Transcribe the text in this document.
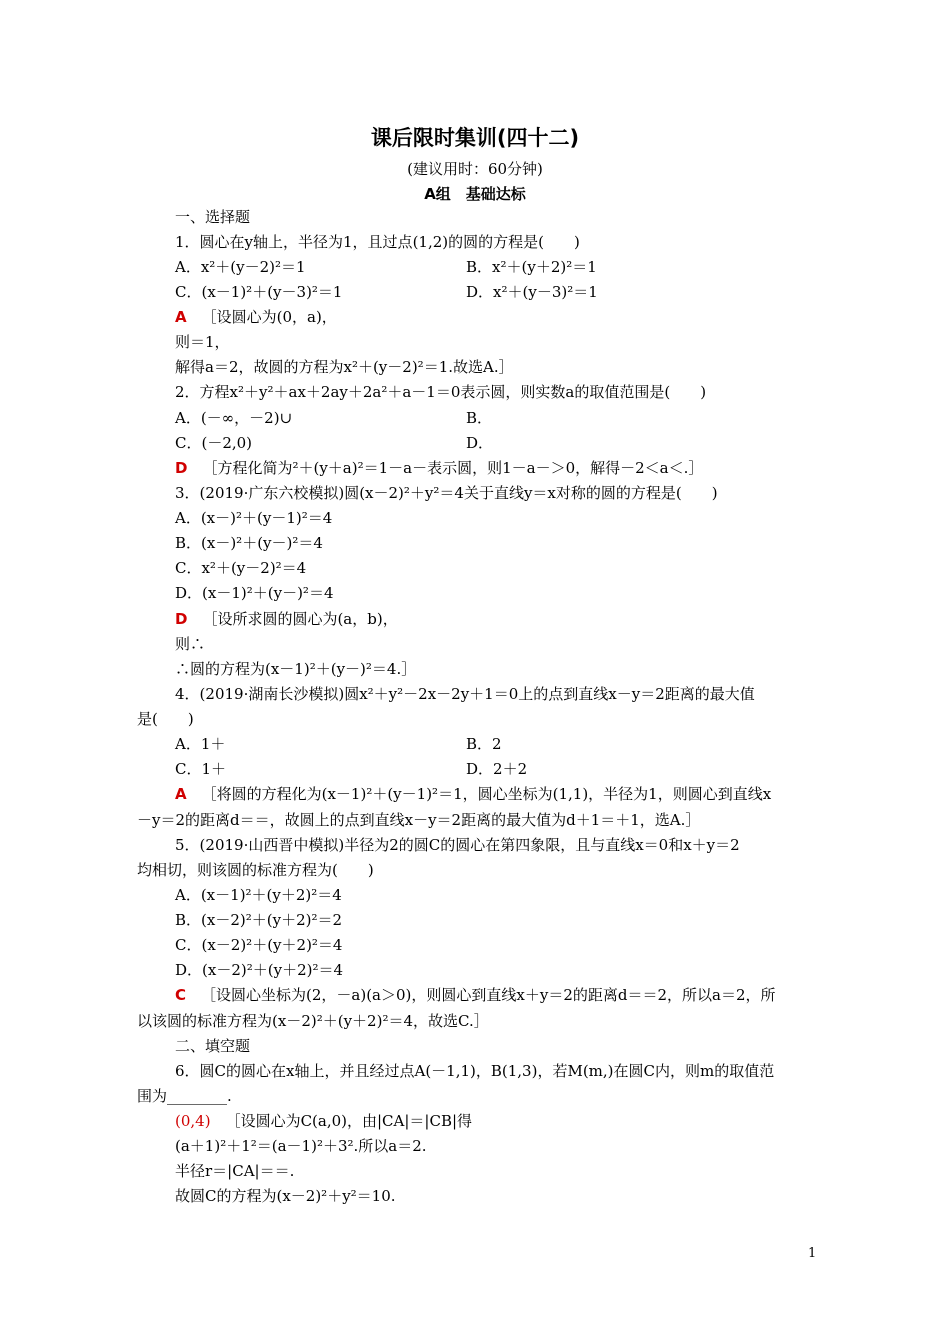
课后限时集训(四十二)
(建议用时：60分钟)
A组　基础达标
一、选择题
1．圆心在y轴上，半径为1，且过点(1,2)的圆的方程是(　　)
A．x²＋(y－2)²＝1	B．x²＋(y＋2)²＝1
C．(x－1)²＋(y－3)²＝1	D．x²＋(y－3)²＝1
A  ［设圆心为(0，a)，
则＝1，
解得a＝2，故圆的方程为x²＋(y－2)²＝1.故选A.］
2．方程x²＋y²＋ax＋2ay＋2a²＋a－1＝0表示圆，则实数a的取值范围是(　　)
A．(－∞，－2)∪	B．
C．(－2,0)	D．
D  ［方程化简为²＋(y＋a)²＝1－a－表示圆，则1－a－＞0，解得－2＜a＜.］
3．(2019·广东六校模拟)圆(x－2)²＋y²＝4关于直线y＝x对称的圆的方程是(　　)
A．(x－)²＋(y－1)²＝4
B．(x－)²＋(y－)²＝4
C．x²＋(y－2)²＝4
D．(x－1)²＋(y－)²＝4
D  ［设所求圆的圆心为(a，b)，
则∴
∴圆的方程为(x－1)²＋(y－)²＝4.］
4．(2019·湖南长沙模拟)圆x²＋y²－2x－2y＋1＝0上的点到直线x－y＝2距离的最大值
是(　　)
A．1＋	B．2
C．1＋	D．2＋2
A  ［将圆的方程化为(x－1)²＋(y－1)²＝1，圆心坐标为(1,1)，半径为1，则圆心到直线x
－y＝2的距离d＝＝，故圆上的点到直线x－y＝2距离的最大值为d＋1＝＋1，选A.］
5．(2019·山西晋中模拟)半径为2的圆C的圆心在第四象限，且与直线x＝0和x＋y＝2
均相切，则该圆的标准方程为(　　)
A．(x－1)²＋(y＋2)²＝4
B．(x－2)²＋(y＋2)²＝2
C．(x－2)²＋(y＋2)²＝4
D．(x－2)²＋(y＋2)²＝4
C  ［设圆心坐标为(2，－a)(a＞0)，则圆心到直线x＋y＝2的距离d＝＝2，所以a＝2，所
以该圆的标准方程为(x－2)²＋(y＋2)²＝4，故选C.］
二、填空题
6．圆C的圆心在x轴上，并且经过点A(－1,1)，B(1,3)，若M(m,)在圆C内，则m的取值范
围为________.
(0,4)  ［设圆心为C(a,0)，由|CA|＝|CB|得
(a＋1)²＋1²＝(a－1)²＋3².所以a＝2.
半径r＝|CA|＝＝.
故圆C的方程为(x－2)²＋y²＝10.
1
